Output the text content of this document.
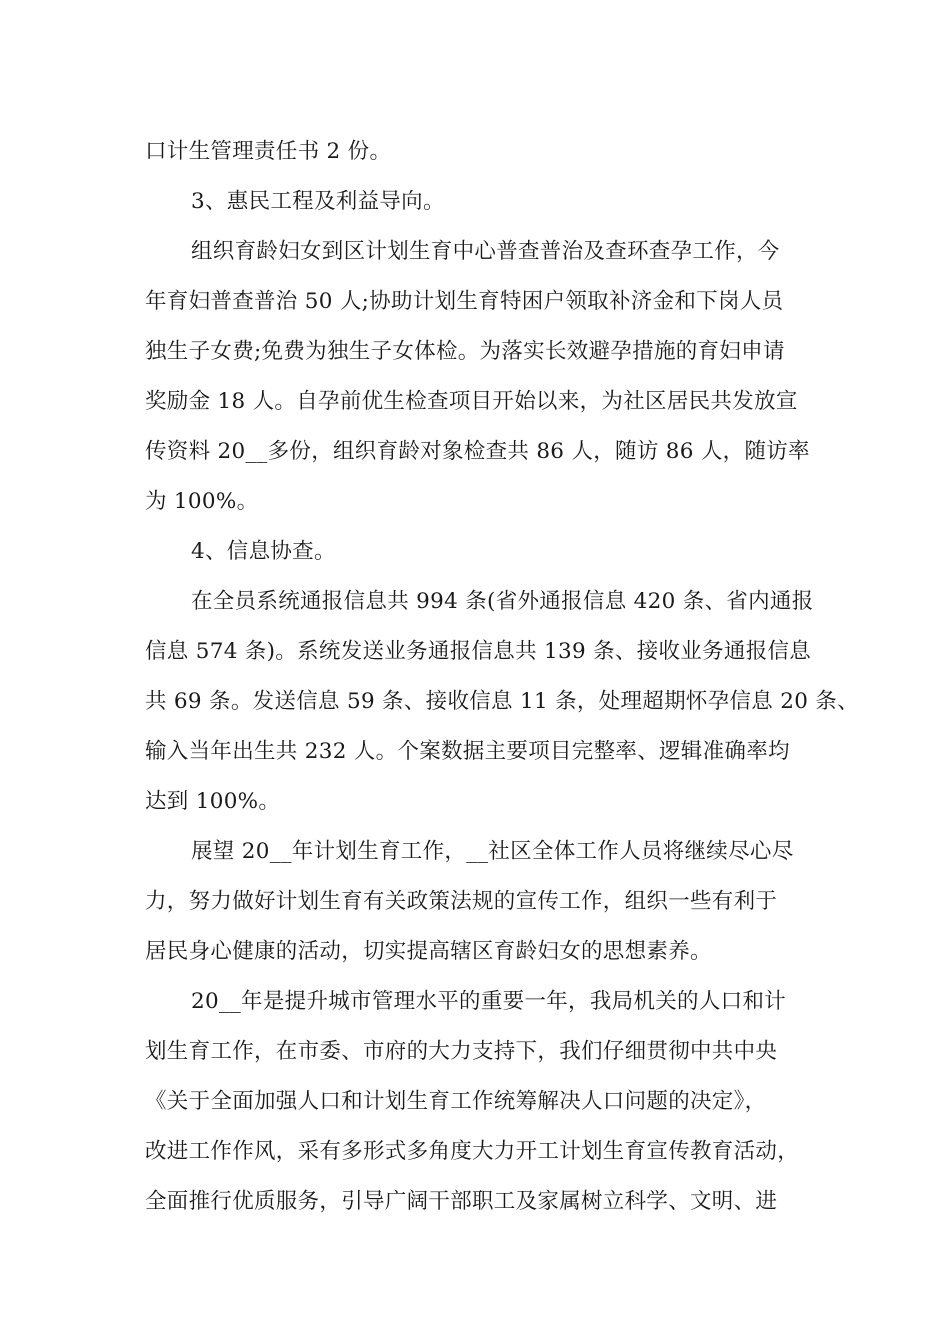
口计生管理责任书 2 份。

3、惠民工程及利益导向。

组织育龄妇女到区计划生育中心普查普治及查环查孕工作，今
年育妇普查普治 50 人;协助计划生育特困户领取补济金和下岗人员
独生子女费;免费为独生子女体检。为落实长效避孕措施的育妇申请
奖励金 18 人。自孕前优生检查项目开始以来，为社区居民共发放宣
传资料 20__多份，组织育龄对象检查共 86 人，随访 86 人，随访率
为 100%。

4、信息协查。

在全员系统通报信息共 994 条(省外通报信息 420 条、省内通报
信息 574 条)。系统发送业务通报信息共 139 条、接收业务通报信息
共 69 条。发送信息 59 条、接收信息 11 条，处理超期怀孕信息 20 条、
输入当年出生共 232 人。个案数据主要项目完整率、逻辑准确率均
达到 100%。

展望 20__年计划生育工作，__社区全体工作人员将继续尽心尽
力，努力做好计划生育有关政策法规的宣传工作，组织一些有利于
居民身心健康的活动，切实提高辖区育龄妇女的思想素养。

20__年是提升城市管理水平的重要一年，我局机关的人口和计
划生育工作，在市委、市府的大力支持下，我们仔细贯彻中共中央
《关于全面加强人口和计划生育工作统筹解决人口问题的决定》，
改进工作作风，采有多形式多角度大力开工计划生育宣传教育活动，
全面推行优质服务，引导广阔干部职工及家属树立科学、文明、进
